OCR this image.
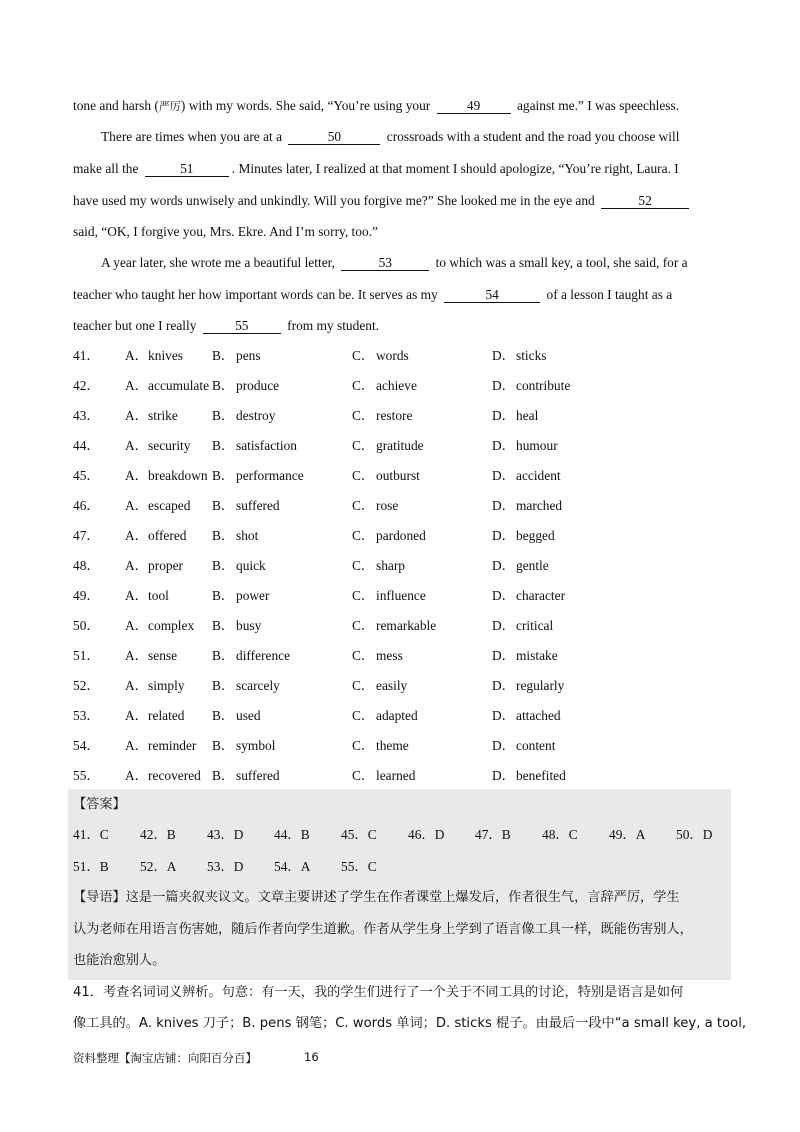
tone and harsh (严厉) with my words. She said, “You’re using your	49	against me.” I was speechless.
There are times when you are at a	50	crossroads with a student and the road you choose will
make all the	51	. Minutes later, I realized at that moment I should apologize, “You’re right, Laura. I
have used my words unwisely and unkindly. Will you forgive me?” She looked me in the eye and	52
said, “OK, I forgive you, Mrs. Ekre. And I’m sorry, too.”
A year later, she wrote me a beautiful letter,	53	to which was a small key, a tool, she said, for a
teacher who taught her how important words can be. It serves as my	54	of a lesson I taught as a
teacher but one I really	55	from my student.
41． A．knives B． pens	C． words	D． sticks
42． A．accumulate B． produce	C． achieve	D． contribute
43． A．strike	B． destroy	C． restore	D． heal
44． A．security B． satisfaction	C． gratitude	D． humour
45． A．breakdown B． performance	C． outburst	D． accident
46． A．escaped B． suffered	C． rose	D． marched
47． A．offered B． shot	C． pardoned	D． begged
48． A．proper B． quick	C． sharp	D． gentle
49． A．tool	B． power	C． influence	D． character
50． A．complex B． busy	C． remarkable	D． critical
51． A．sense	B． difference	C． mess	D． mistake
52． A．simply B． scarcely	C． easily	D． regularly
53． A．related B． used	C． adapted	D． attached
54． A．reminder B． symbol	C． theme	D． content
55． A．recovered B． suffered	C． learned	D． benefited
【答案】
41．C 42．B 43．D 44．B 45．C 46．D 47．B 48．C 49．A 50．D
51．B 52．A 53．D 54．A 55．C
【导语】这是一篇夹叙夹议文。文章主要讲述了学生在作者课堂上爆发后，作者很生气，言辞严厉，学生
认为老师在用语言伤害她，随后作者向学生道歉。作者从学生身上学到了语言像工具一样，既能伤害别人，
也能治愈别人。
41．考查名词词义辨析。句意：有一天，我的学生们进行了一个关于不同工具的讨论，特别是语言是如何
像工具的。A. knives 刀子；B. pens 钢笔；C. words 单词；D. sticks 棍子。由最后一段中“a small key, a tool,
资料整理【淘宝店铺：向阳百分百】	16
